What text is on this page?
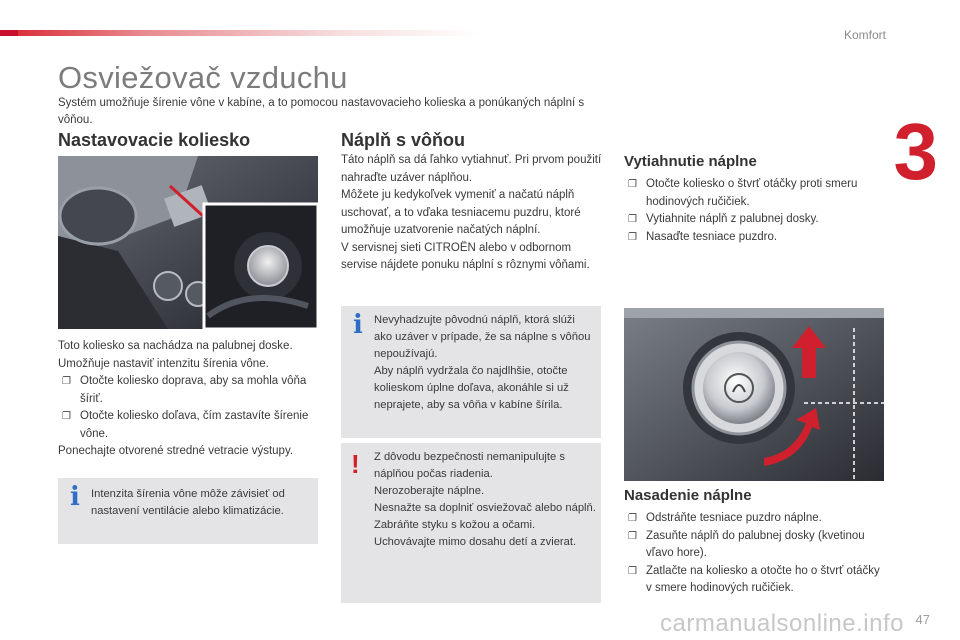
Komfort
3
Osviežovač vzduchu
Systém umožňuje šírenie vône v kabíne, a to pomocou nastavovacieho kolieska a ponúkaných náplní s vôňou.
Nastavovacie koliesko

Toto koliesko sa nachádza na palubnej doske.

Umožňuje nastaviť intenzitu šírenia vône.

❐ Otočte koliesko doprava, aby sa mohla vôňa šíriť.
❐ Otočte koliesko doľava, čím zastavíte šírenie vône.

Ponechajte otvorené stredné vetracie výstupy.

i Intenzita šírenia vône môže závisieť od nastavení ventilácie alebo klimatizácie.

Náplň s vôňou

Táto náplň sa dá ľahko vytiahnuť. Pri prvom použití nahraďte uzáver náplňou.

Môžete ju kedykoľvek vymeniť a načatú náplň uschovať, a to vďaka tesniacemu puzdru, ktoré umožňuje uzatvorenie načatých náplní.

V servisnej sieti CITROËN alebo v odbornom servise nájdete ponuku náplní s rôznymi vôňami.

i Nevyhadzujte pôvodnú náplň, ktorá slúži ako uzáver v prípade, že sa náplne s vôňou nepoužívajú.

Aby náplň vydržala čo najdlhšie, otočte kolieskom úplne doľava, akonáhle si už neprajete, aby sa vôňa v kabíne šírila.

! Z dôvodu bezpečnosti nemanipulujte s náplňou počas riadenia.

Nerozoberajte náplne.

Nesnažte sa doplniť osviežovač alebo náplň.

Zabráňte styku s kožou a očami.

Uchovávajte mimo dosahu detí a zvierat.

Vytiahnutie náplne
❐ Otočte koliesko o štvrť otáčky proti smeru hodinových ručičiek.
❐ Vytiahnite náplň z palubnej dosky.
❐ Nasaďte tesniace puzdro.
Nasadenie náplne
❐ Odstráňte tesniace puzdro náplne.
❐ Zasuňte náplň do palubnej dosky (kvetinou vľavo hore).
❐ Zatlačte na koliesko a otočte ho o štvrť otáčky v smere hodinových ručičiek.
carmanualsonline.info 47
